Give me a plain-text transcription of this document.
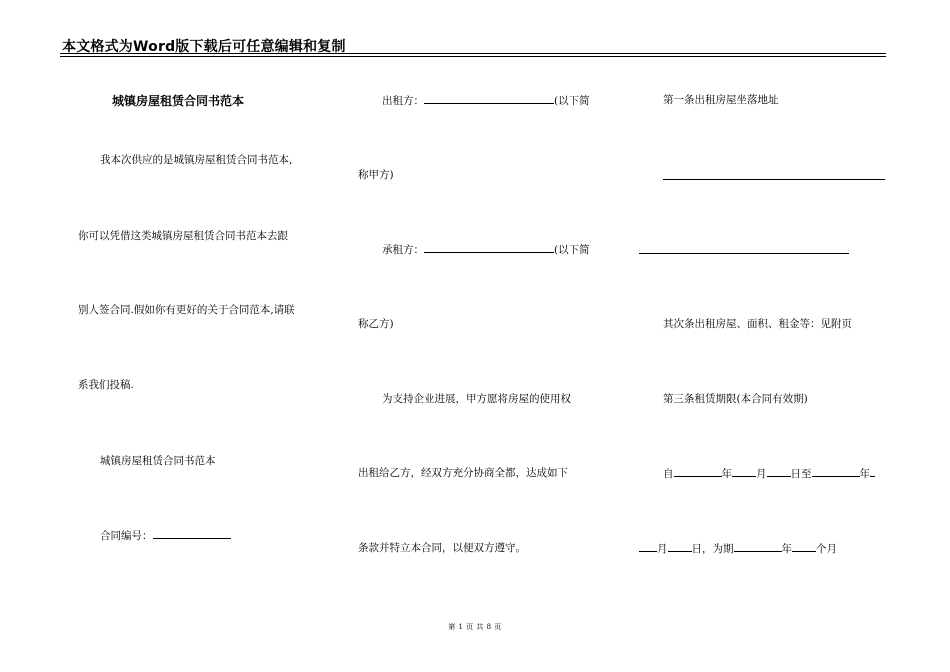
本文格式为Word版下载后可任意编辑和复制
城镇房屋租赁合同书范本
我本次供应的是城镇房屋租赁合同书范本,
你可以凭借这类城镇房屋租赁合同书范本去跟
别人签合同.假如你有更好的关于合同范本,请联
系我们投稿.
城镇房屋租赁合同书范本
合同编号：
出租方：	(以下简
称甲方)
承租方：	(以下简
称乙方)
为支持企业进展，甲方愿将房屋的使用权
出租给乙方，经双方充分协商全都，达成如下
条款并特立本合同，以便双方遵守。
第一条出租房屋坐落地址
其次条出租房屋、面积、租金等：见附页
第三条租赁期限(本合同有效期)
自	年 月 日至	年
月 日，为期	年 个月
第 1 页 共 8 页
